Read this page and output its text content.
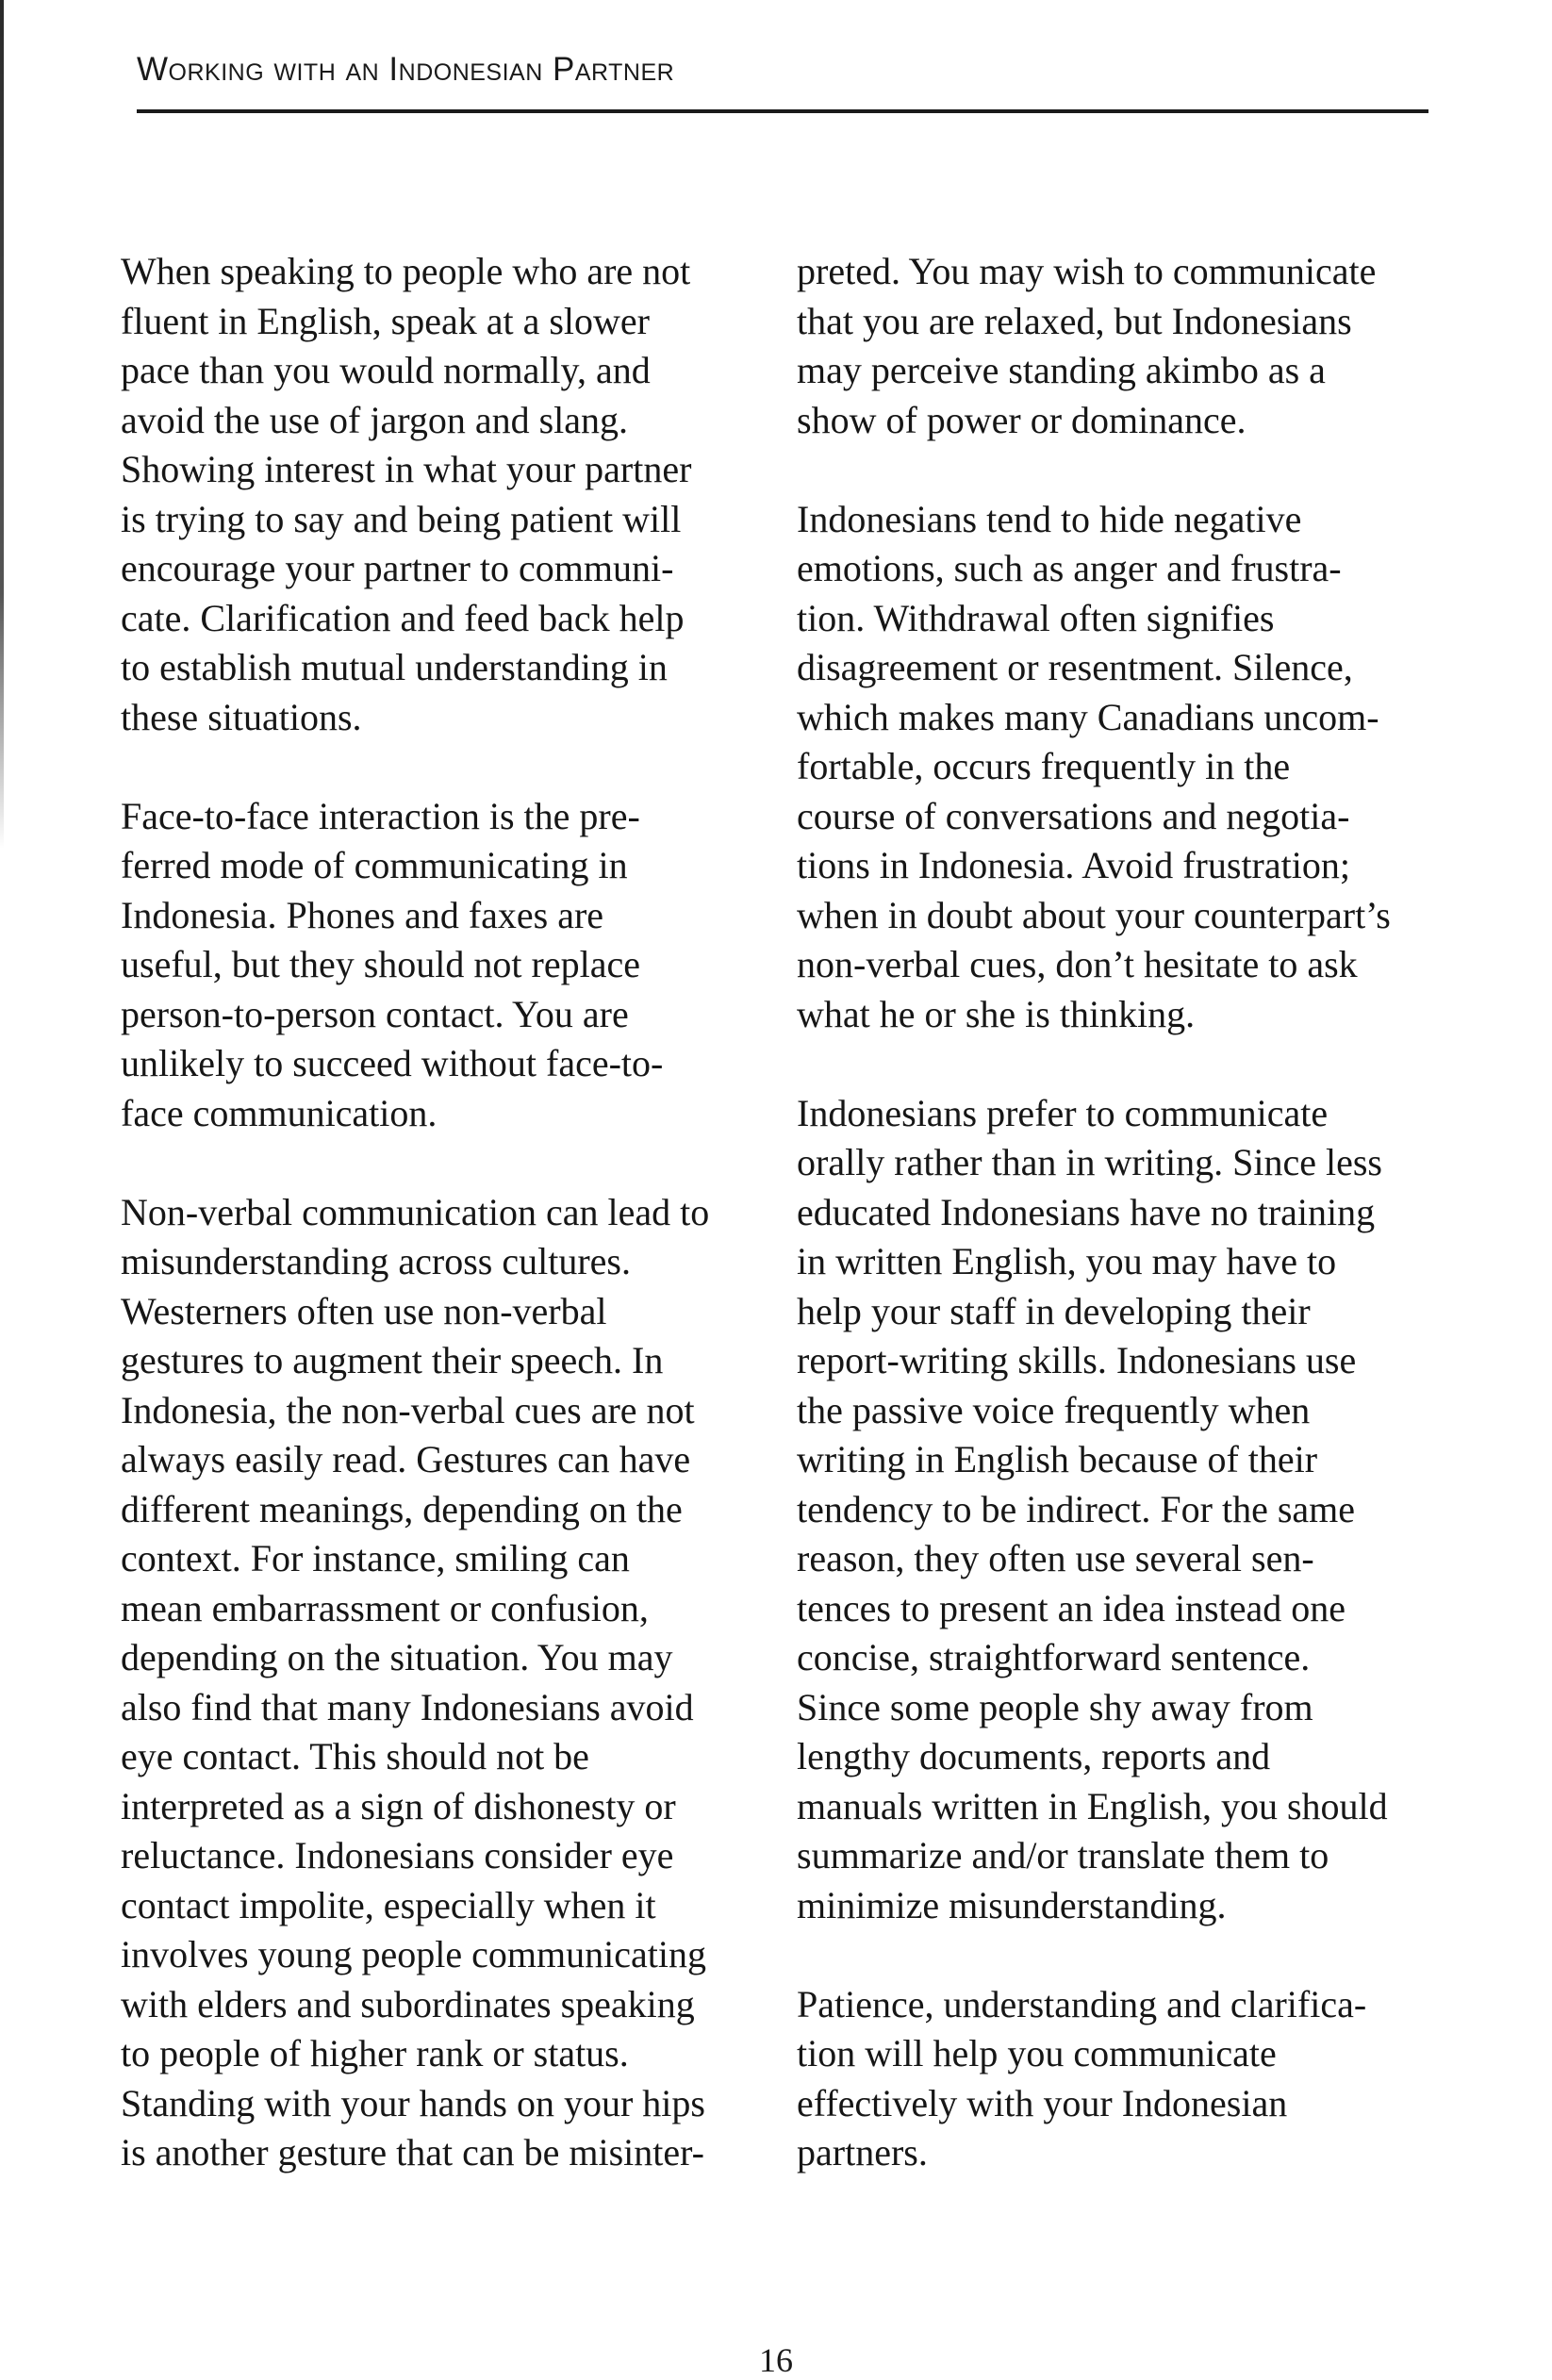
Working with an Indonesian Partner
When speaking to people who are not
fluent in English, speak at a slower
pace than you would normally, and
avoid the use of jargon and slang.
Showing interest in what your partner
is trying to say and being patient will
encourage your partner to communi-
cate. Clarification and feed back help
to establish mutual understanding in
these situations.
Face-to-face interaction is the pre-
ferred mode of communicating in
Indonesia. Phones and faxes are
useful, but they should not replace
person-to-person contact. You are
unlikely to succeed without face-to-
face communication.
Non-verbal communication can lead to
misunderstanding across cultures.
Westerners often use non-verbal
gestures to augment their speech. In
Indonesia, the non-verbal cues are not
always easily read. Gestures can have
different meanings, depending on the
context. For instance, smiling can
mean embarrassment or confusion,
depending on the situation. You may
also find that many Indonesians avoid
eye contact. This should not be
interpreted as a sign of dishonesty or
reluctance. Indonesians consider eye
contact impolite, especially when it
involves young people communicating
with elders and subordinates speaking
to people of higher rank or status.
Standing with your hands on your hips
is another gesture that can be misinter-
preted. You may wish to communicate
that you are relaxed, but Indonesians
may perceive standing akimbo as a
show of power or dominance.
Indonesians tend to hide negative
emotions, such as anger and frustra-
tion. Withdrawal often signifies
disagreement or resentment. Silence,
which makes many Canadians uncom-
fortable, occurs frequently in the
course of conversations and negotia-
tions in Indonesia. Avoid frustration;
when in doubt about your counterpart’s
non-verbal cues, don’t hesitate to ask
what he or she is thinking.
Indonesians prefer to communicate
orally rather than in writing. Since less
educated Indonesians have no training
in written English, you may have to
help your staff in developing their
report-writing skills. Indonesians use
the passive voice frequently when
writing in English because of their
tendency to be indirect. For the same
reason, they often use several sen-
tences to present an idea instead one
concise, straightforward sentence.
Since some people shy away from
lengthy documents, reports and
manuals written in English, you should
summarize and/or translate them to
minimize misunderstanding.
Patience, understanding and clarifica-
tion will help you communicate
effectively with your Indonesian
partners.
16
